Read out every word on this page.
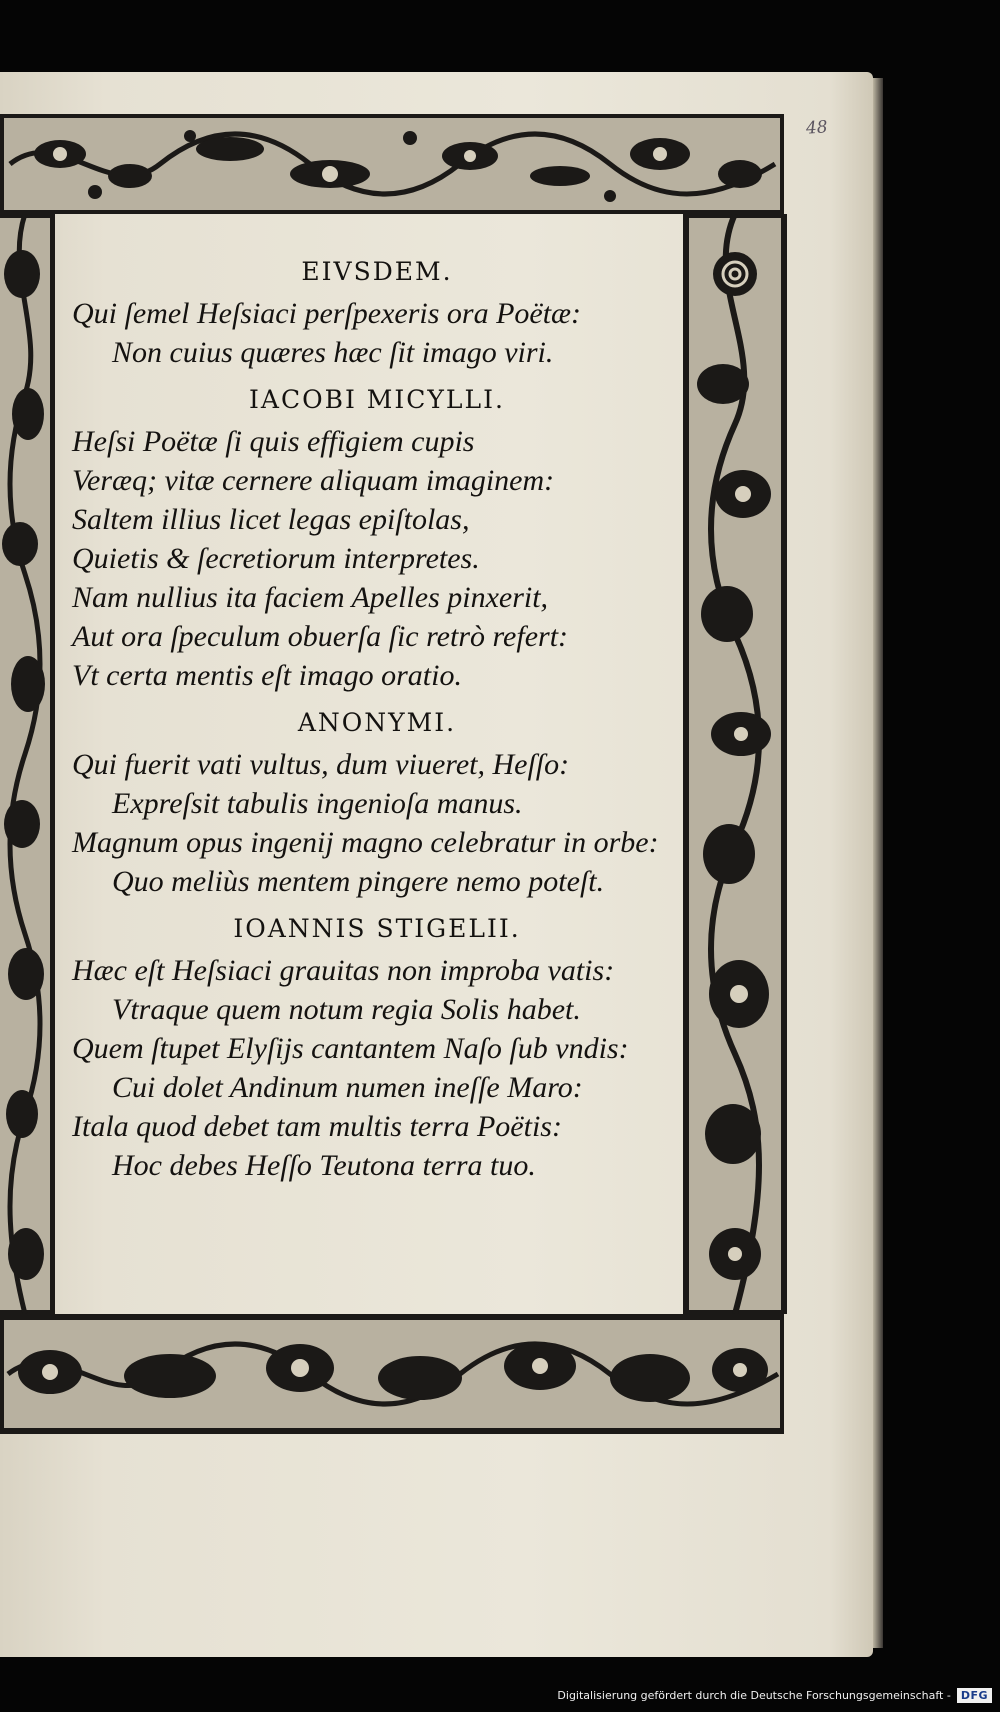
48
EIVSDEM.
Qui ſemel Heſsiaci perſpexeris ora Poëtæ:
Non cuius quæres hæc ſit imago viri.
IACOBI MICYLLI.
Heſsi Poëtæ ſi quis effigiem cupis
Veræq; vitæ cernere aliquam imaginem:
Saltem illius licet legas epiſtolas,
Quietis & ſecretiorum interpretes.
Nam nullius ita faciem Apelles pinxerit,
Aut ora ſpeculum obuerſa ſic retrò refert:
Vt certa mentis eſt imago oratio.
ANONYMI.
Qui fuerit vati vultus, dum viueret, Heſſo:
Expreſsit tabulis ingenioſa manus.
Magnum opus ingenij magno celebratur in orbe:
Quo meliùs mentem pingere nemo poteſt.
IOANNIS STIGELII.
Hæc eſt Heſsiaci grauitas non improba vatis:
Vtraque quem notum regia Solis habet.
Quem ſtupet Elyſijs cantantem Naſo ſub vndis:
Cui dolet Andinum numen ineſſe Maro:
Itala quod debet tam multis terra Poëtis:
Hoc debes Heſſo Teutona terra tuo.
Digitalisierung gefördert durch die Deutsche Forschungsgemeinschaft - DFG
